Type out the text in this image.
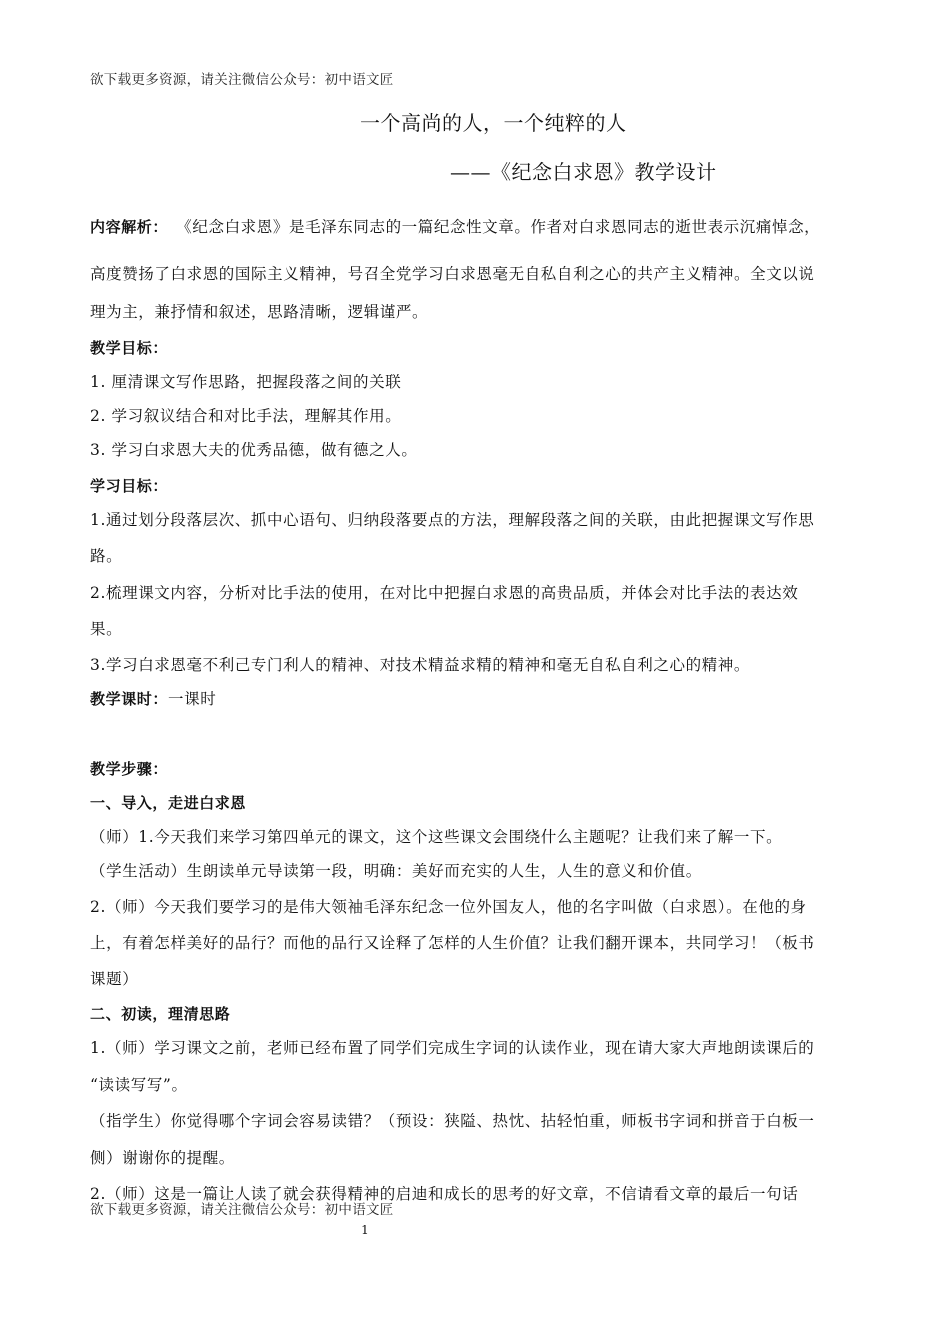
欲下载更多资源，请关注微信公众号：初中语文匠
一个高尚的人，一个纯粹的人
——《纪念白求恩》教学设计
内容解析： 《纪念白求恩》是毛泽东同志的一篇纪念性文章。作者对白求恩同志的逝世表示沉痛悼念，
高度赞扬了白求恩的国际主义精神，号召全党学习白求恩毫无自私自利之心的共产主义精神。全文以说
理为主，兼抒情和叙述，思路清晰，逻辑谨严。
教学目标：
1. 厘清课文写作思路，把握段落之间的关联
2. 学习叙议结合和对比手法，理解其作用。
3. 学习白求恩大夫的优秀品德，做有德之人。
学习目标：
1.通过划分段落层次、抓中心语句、归纳段落要点的方法，理解段落之间的关联，由此把握课文写作思
路。
2.梳理课文内容，分析对比手法的使用，在对比中把握白求恩的高贵品质，并体会对比手法的表达效
果。
3.学习白求恩毫不利己专门利人的精神、对技术精益求精的精神和毫无自私自利之心的精神。
教学课时：一课时
教学步骤：
一、导入，走进白求恩
（师）1.今天我们来学习第四单元的课文，这个这些课文会围绕什么主题呢？让我们来了解一下。
（学生活动）生朗读单元导读第一段，明确：美好而充实的人生，人生的意义和价值。
2.（师）今天我们要学习的是伟大领袖毛泽东纪念一位外国友人，他的名字叫做（白求恩）。在他的身
上，有着怎样美好的品行？而他的品行又诠释了怎样的人生价值？让我们翻开课本，共同学习！（板书
课题）
二、初读，理清思路
1.（师）学习课文之前，老师已经布置了同学们完成生字词的认读作业，现在请大家大声地朗读课后的
“读读写写”。
（指学生）你觉得哪个字词会容易读错？（预设：狭隘、热忱、拈轻怕重，师板书字词和拼音于白板一
侧）谢谢你的提醒。
2.（师）这是一篇让人读了就会获得精神的启迪和成长的思考的好文章，不信请看文章的最后一句话
欲下载更多资源，请关注微信公众号：初中语文匠
1
